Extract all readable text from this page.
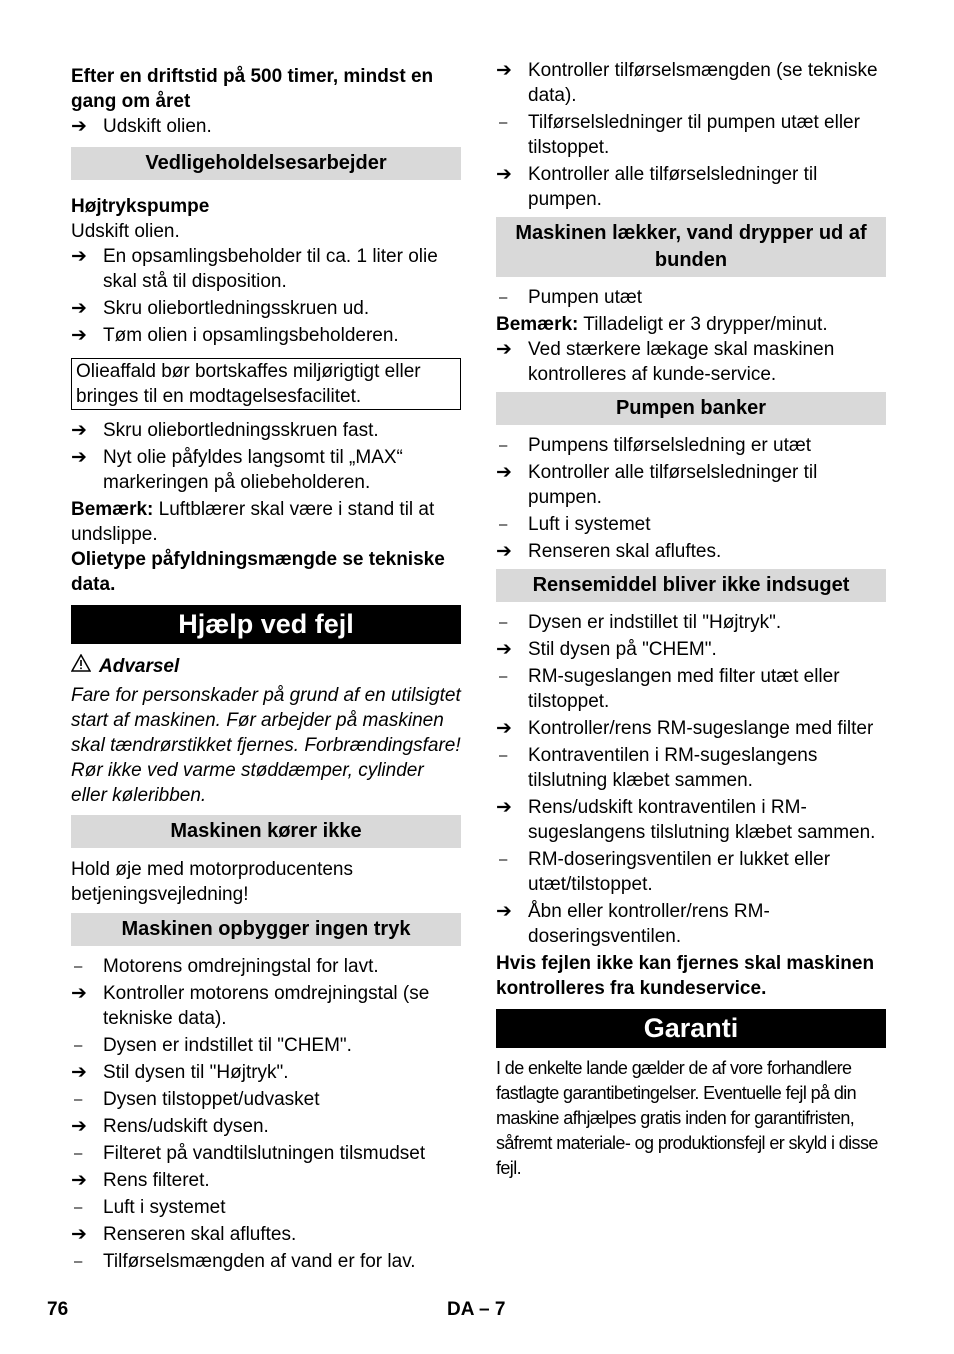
Efter en driftstid på 500 timer, mindst en gang om året

➔ Udskift olien.
Vedligeholdelsesarbejder

Højtrykspumpe

Udskift olien.

➔ En opsamlingsbeholder til ca. 1 liter olie skal stå til disposition.
➔ Skru oliebortledningsskruen ud.
➔ Tøm olien i opsamlingsbeholderen.
Olieaffald bør bortskaffes miljørigtigt eller bringes til en modtagelsesfacilitet.
➔ Skru oliebortledningsskruen fast.
➔ Nyt olie påfyldes langsomt til „MAX“ markeringen på oliebeholderen.

Bemærk: Luftblærer skal være i stand til at undslippe.

Olietype påfyldningsmængde se tekniske data.

Hjælp ved fejl
Advarsel

Fare for personskader på grund af en utilsigtet start af maskinen. Før arbejder på maskinen skal tændrørstikket fjernes. Forbrændingsfare! Rør ikke ved varme støddæmper, cylinder eller køleribben.

Maskinen kører ikke

Hold øje med motorproducentens betjeningsvejledning!

Maskinen opbygger ingen tryk
–	Motorens omdrejningstal for lavt.
➔ Kontroller motorens omdrejningstal (se tekniske data).
–	Dysen er indstillet til "CHEM".
➔ Stil dysen til "Højtryk".
–	Dysen tilstoppet/udvasket
➔ Rens/udskift dysen.
–	Filteret på vandtilslutningen tilsmudset
➔ Rens filteret.
–	Luft i systemet
➔ Renseren skal afluftes.
–	Tilførselsmængden af vand er for lav.
➔ Kontroller tilførselsmængden (se tekniske data).
–	Tilførselsledninger til pumpen utæt eller tilstoppet.
➔ Kontroller alle tilførselsledninger til pumpen.
Maskinen lækker, vand drypper ud af bunden
–	Pumpen utæt

Bemærk: Tilladeligt er 3 drypper/minut.

➔ Ved stærkere lækage skal maskinen kontrolleres af kunde-service.
Pumpen banker
–	Pumpens tilførselsledning er utæt
➔ Kontroller alle tilførselsledninger til pumpen.
–	Luft i systemet
➔ Renseren skal afluftes.
Rensemiddel bliver ikke indsuget
–	Dysen er indstillet til "Højtryk".
➔ Stil dysen på "CHEM".
–	RM-sugeslangen med filter utæt eller tilstoppet.
➔ Kontroller/rens RM-sugeslange med filter
–	Kontraventilen i RM-sugeslangens tilslutning klæbet sammen.
➔ Rens/udskift kontraventilen i RM-sugeslangens tilslutning klæbet sammen.
–	RM-doseringsventilen er lukket eller utæt/tilstoppet.
➔ Åbn eller kontroller/rens RM-doseringsventilen.

Hvis fejlen ikke kan fjernes skal maskinen kontrolleres fra kundeservice.

Garanti

I de enkelte lande gælder de af vore forhandlere fastlagte garantibetingelser. Eventuelle fejl på din maskine afhjælpes gratis inden for garantifristen, såfremt materiale- og produktionsfejl er skyld i disse fejl.

76	DA – 7
